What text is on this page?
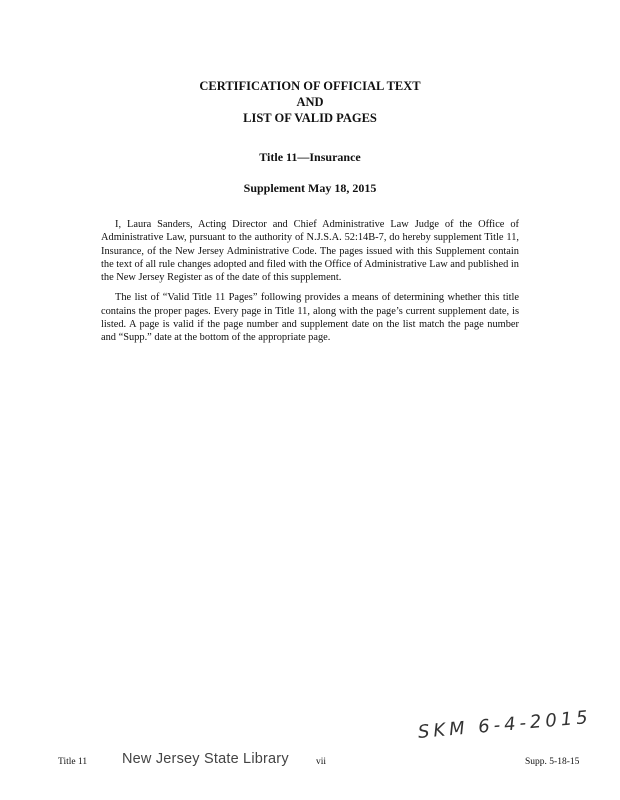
CERTIFICATION OF OFFICIAL TEXT
AND
LIST OF VALID PAGES
Title 11—Insurance
Supplement May 18, 2015

I, Laura Sanders, Acting Director and Chief Administrative Law Judge of the Office of Administrative Law, pursuant to the authority of N.J.S.A. 52:14B-7, do hereby supplement Title 11, Insurance, of the New Jersey Administrative Code. The pages issued with this Supplement contain the text of all rule changes adopted and filed with the Office of Administrative Law and published in the New Jersey Register as of the date of this supplement.

The list of “Valid Title 11 Pages” following provides a means of determining whether this title contains the proper pages. Every page in Title 11, along with the page’s current supplement date, is listed. A page is valid if the page number and supplement date on the list match the page number and “Supp.” date at the bottom of the appropriate page.

Title 11 New Jersey State Library	vii	Supp. 5-18-15
SKM 6-4-2015
